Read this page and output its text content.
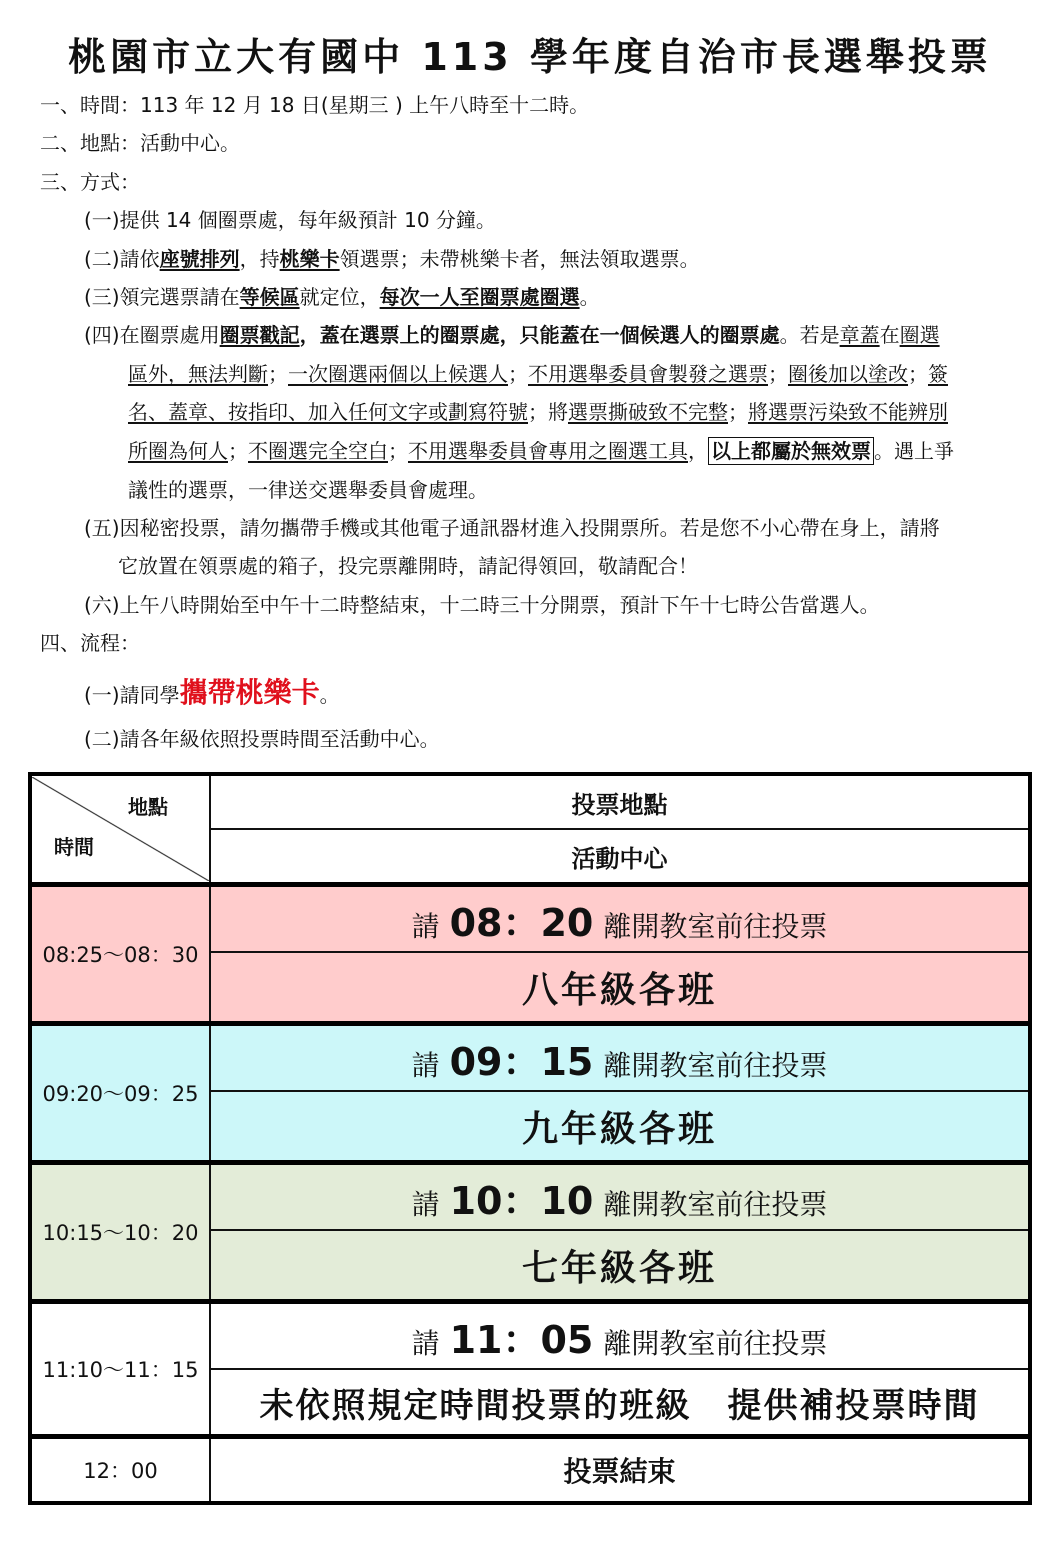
桃園市立大有國中 113 學年度自治市長選舉投票
一、時間：113 年 12 月 18 日(星期三 ) 上午八時至十二時。
二、地點：活動中心。
三、方式：
(一)提供 14 個圈票處，每年級預計 10 分鐘。
(二)請依座號排列，持桃樂卡領選票；未帶桃樂卡者，無法領取選票。
(三)領完選票請在等候區就定位，每次一人至圈票處圈選。
(四)在圈票處用圈票戳記，蓋在選票上的圈票處，只能蓋在一個候選人的圈票處。若是章蓋在圈選
區外，無法判斷；一次圈選兩個以上候選人；不用選舉委員會製發之選票；圈後加以塗改；簽
名、蓋章、按指印、加入任何文字或劃寫符號；將選票撕破致不完整；將選票污染致不能辨別
所圈為何人；不圈選完全空白；不用選舉委員會專用之圈選工具， 以上都屬於無效票 。遇上爭
議性的選票，一律送交選舉委員會處理。
(五)因秘密投票，請勿攜帶手機或其他電子通訊器材進入投開票所。若是您不小心帶在身上，請將
它放置在領票處的箱子，投完票離開時，請記得領回，敬請配合！
(六)上午八時開始至中午十二時整結束，十二時三十分開票，預計下午十七時公告當選人。
四、流程：
(一)請同學攜帶桃樂卡。
(二)請各年級依照投票時間至活動中心。
地點
時間	投票地點
	活動中心
08:25～08：30	請 08：20 離開教室前往投票
	八年級各班
09:20～09：25	請 09：15 離開教室前往投票
	九年級各班
10:15～10：20	請 10：10 離開教室前往投票
	七年級各班
11:10～11：15	請 11：05 離開教室前往投票
	未依照規定時間投票的班級　提供補投票時間
12：00	投票結束
